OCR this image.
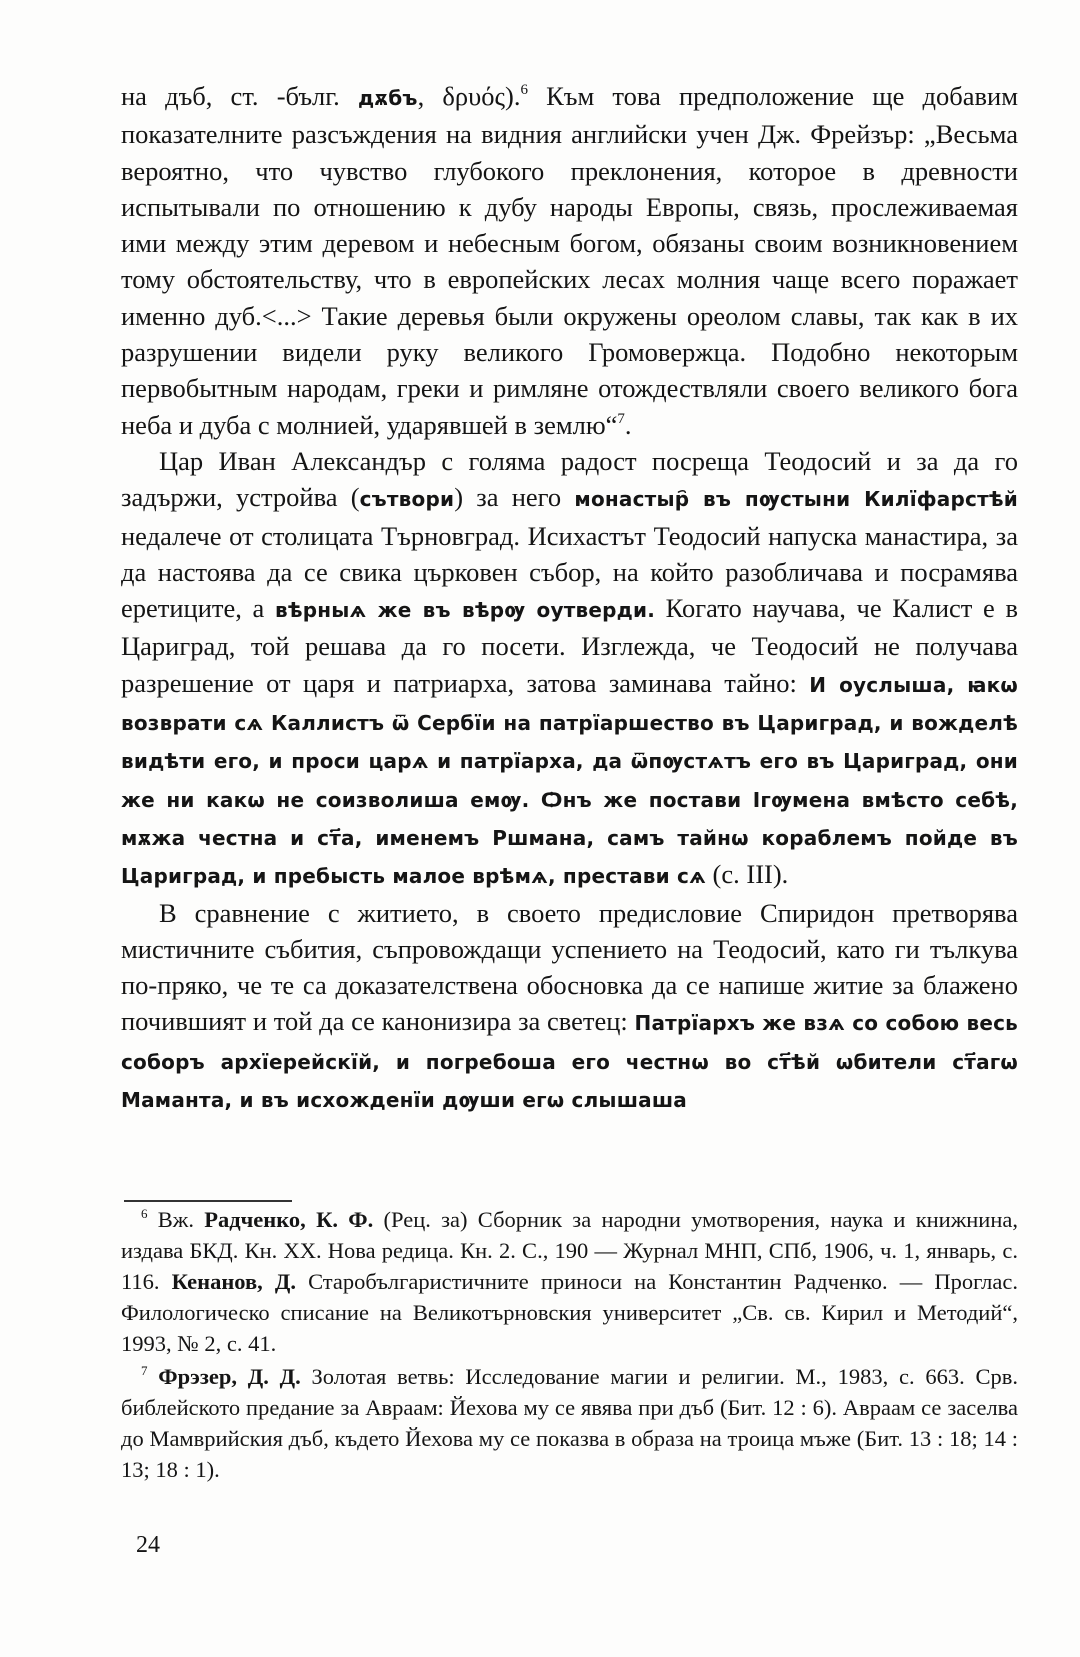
на дъб, ст. -бълг. дѫбъ, δρυός).$^6$ Към това предположение ще добавим показателните разсъждения на видния английски учен Дж. Фрейзър: „Весьма вероятно, что чувство глубокого преклонения, которое в древности испытывали по отношению к дубу народы Европы, связь, прослеживаемая ими между этим деревом и небесным богом, обязаны своим возникновением тому обстоятельству, что в европейских лесах молния чаще всего поражает именно дуб.<...> Такие деревья были окружены ореолом славы, так как в их разрушении видели руку великого Громовержца. Подобно некоторым первобытным народам, греки и римляне отождествляли своего великого бога неба и дуба с молнией, ударявшей в землю“$^7$.

Цар Иван Александър с голяма радост посреща Теодосий и за да го задържи, устройва (сътвори) за него монастыр҄ въ пѹстыни Килїфарстѣй недалече от столицата Търновград. Исихастът Теодосий напуска манастира, за да настоява да се свика църковен събор, на който разобличава и посрамява еретиците, а вѣрныѧ же въ вѣрѹ оутверди. Когато научава, че Калист е в Цариград, той решава да го посети. Изглежда, че Теодосий не получава разрешение от царя и патриарха, затова заминава тайно: И оуслыша, ꙗкѡ возврати сѧ Каллистъ ѿ Сербїи на патрїаршество въ Цариград, и вожделѣ видѣти его, и проси царѧ и патрїарха, да ѿпѹстѧтъ его въ Цариград, они же ни какѡ не соизволиша емѹ. Ѻнъ же постави Ігѹмена вмѣсто себѣ, мѫжа честна и ст҃а, именемъ Ршмана, самъ тайнѡ кораблемъ пойде въ Цариград, и пребысть малое врѣмѧ, престави сѧ (с. III).

В сравнение с житието, в своето предисловие Спиридон претворява мистичните събития, съпровождащи успението на Теодосий, като ги тълкува по-пряко, че те са доказателствена обосновка да се напише житие за блажено почившият и той да се канонизира за светец: Патрїархъ же взѧ со собою весь соборъ архїерейскїй, и погребоша его честнѡ во ст҃ѣй ѡбители ст҃агѡ Маманта, и въ исхожденїи дѹши егѡ слышаша

$^6$ Вж. Радченко, К. Ф. (Рец. за) Сборник за народни умотворения, наука и книжнина, издава БКД. Кн. XX. Нова редица. Кн. 2. С., 190 — Журнал МНП, СПб, 1906, ч. 1, январь, с. 116. Кенанов, Д. Старобългаристичните приноси на Константин Радченко. — Проглас. Филологическо списание на Великотърновския университет „Св. св. Кирил и Методий“, 1993, № 2, с. 41.

$^7$ Фрэзер, Д. Д. Золотая ветвь: Исследование магии и религии. М., 1983, с. 663. Срв. библейското предание за Авраам: Йехова му се явява при дъб (Бит. 12 : 6). Авраам се заселва до Мамврийския дъб, където Йехова му се показва в образа на троица мъже (Бит. 13 : 18; 14 : 13; 18 : 1).

24
